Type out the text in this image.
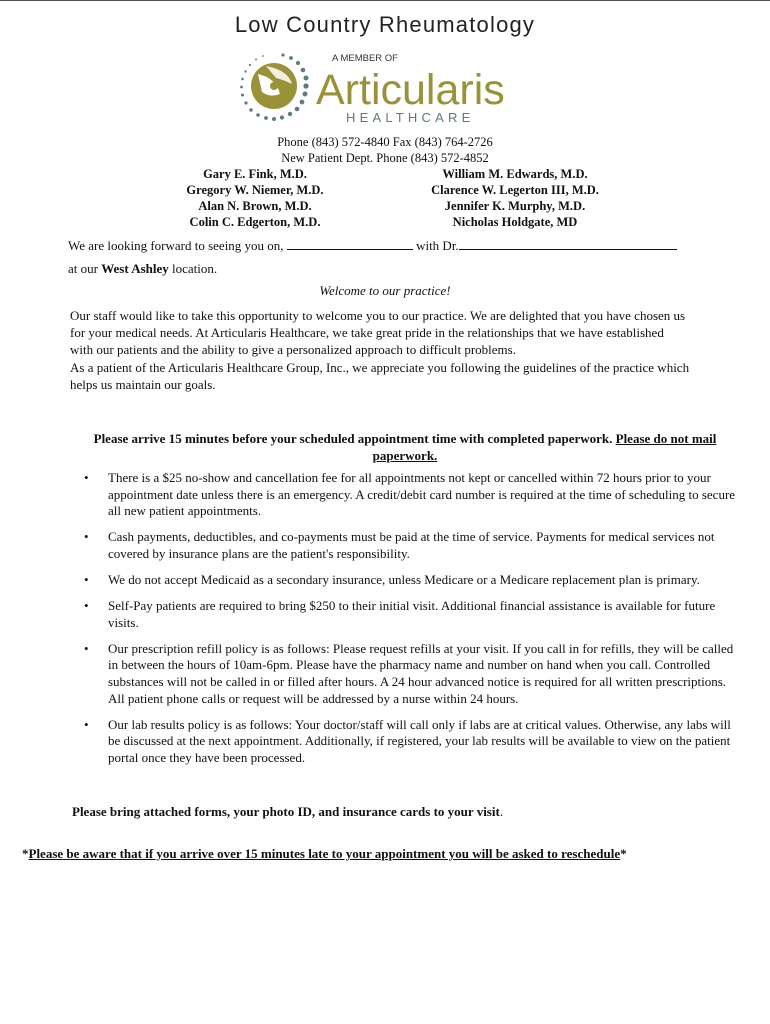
Low Country Rheumatology
A MEMBER OF
Articularis
HEALTHCARE
Phone (843) 572-4840 Fax (843) 764-2726
New Patient Dept. Phone (843) 572-4852
Gary E. Fink, M.D.
Gregory W. Niemer, M.D.
Alan N. Brown, M.D.
Colin C. Edgerton, M.D.
William M. Edwards, M.D.
Clarence W. Legerton III, M.D.
Jennifer K. Murphy, M.D.
Nicholas Holdgate, MD
We are looking forward to seeing you on,	with Dr.
at our West Ashley location.
Welcome to our practice!

Our staff would like to take this opportunity to welcome you to our practice. We are delighted that you have chosen us for your medical needs. At Articularis Healthcare, we take great pride in the relationships that we have established with our patients and the ability to give a personalized approach to difficult problems.

As a patient of the Articularis Healthcare Group, Inc., we appreciate you following the guidelines of the practice which helps us maintain our goals.

Please arrive 15 minutes before your scheduled appointment time with completed paperwork. Please do not mail paperwork.
• There is a $25 no-show and cancellation fee for all appointments not kept or cancelled within 72 hours prior to your appointment date unless there is an emergency. A credit/debit card number is required at the time of scheduling to secure all new patient appointments.
• Cash payments, deductibles, and co-payments must be paid at the time of service. Payments for medical services not covered by insurance plans are the patient's responsibility.
• We do not accept Medicaid as a secondary insurance, unless Medicare or a Medicare replacement plan is primary.
• Self-Pay patients are required to bring $250 to their initial visit. Additional financial assistance is available for future visits.
• Our prescription refill policy is as follows: Please request refills at your visit. If you call in for refills, they will be called in between the hours of 10am-6pm. Please have the pharmacy name and number on hand when you call. Controlled substances will not be called in or filled after hours. A 24 hour advanced notice is required for all written prescriptions. All patient phone calls or request will be addressed by a nurse within 24 hours.
• Our lab results policy is as follows: Your doctor/staff will call only if labs are at critical values. Otherwise, any labs will be discussed at the next appointment. Additionally, if registered, your lab results will be available to view on the patient portal once they have been processed.
Please bring attached forms, your photo ID, and insurance cards to your visit.
*Please be aware that if you arrive over 15 minutes late to your appointment you will be asked to reschedule*
